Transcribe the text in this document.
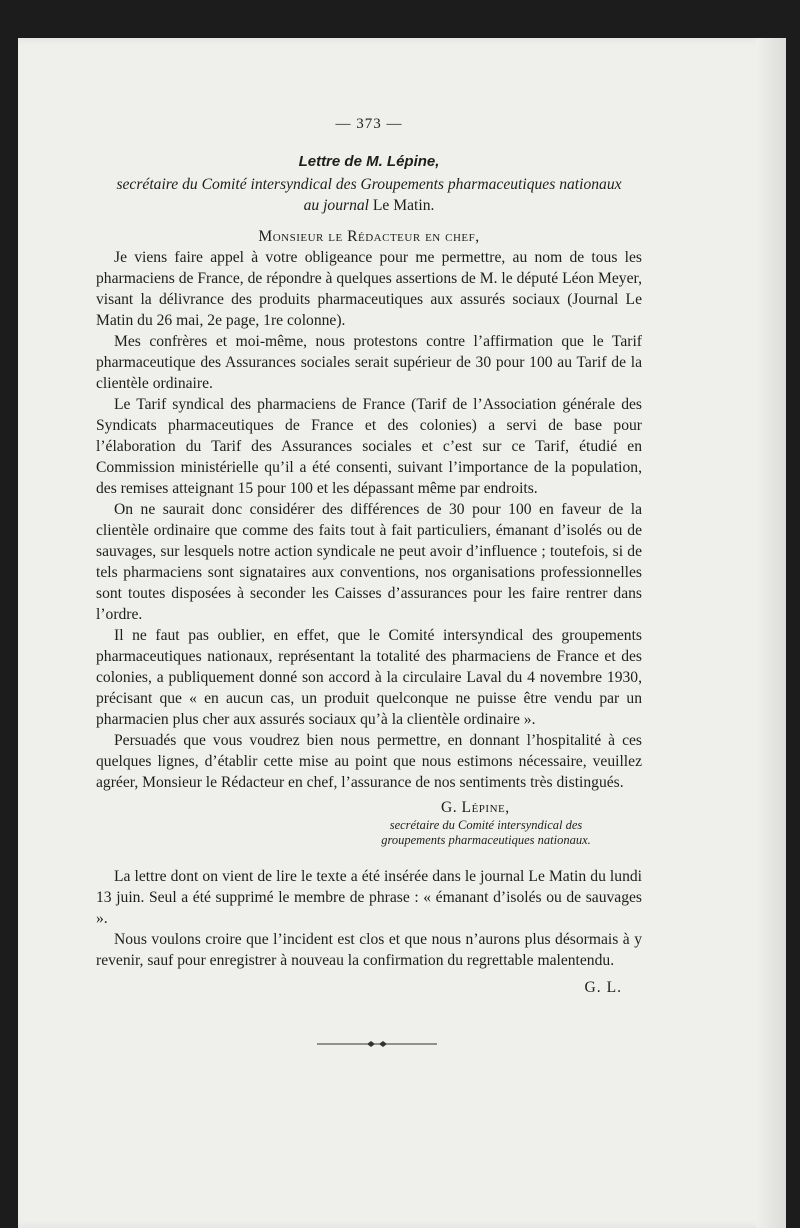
— 373 —
Lettre de M. Lépine,

secrétaire du Comité intersyndical des Groupements pharmaceutiques nationaux

au journal Le Matin.

Monsieur le Rédacteur en chef,

Je viens faire appel à votre obligeance pour me permettre, au nom de tous les pharmaciens de France, de répondre à quelques assertions de M. le député Léon Meyer, visant la délivrance des produits pharmaceutiques aux assurés sociaux (Journal Le Matin du 26 mai, 2e page, 1re colonne).

Mes confrères et moi-même, nous protestons contre l’affirmation que le Tarif pharmaceutique des Assurances sociales serait supérieur de 30 pour 100 au Tarif de la clientèle ordinaire.

Le Tarif syndical des pharmaciens de France (Tarif de l’Association générale des Syndicats pharmaceutiques de France et des colonies) a servi de base pour l’élaboration du Tarif des Assurances sociales et c’est sur ce Tarif, étudié en Commission ministérielle qu’il a été consenti, suivant l’importance de la population, des remises atteignant 15 pour 100 et les dépassant même par endroits.

On ne saurait donc considérer des différences de 30 pour 100 en faveur de la clientèle ordinaire que comme des faits tout à fait particuliers, émanant d’isolés ou de sauvages, sur lesquels notre action syndicale ne peut avoir d’influence ; toutefois, si de tels pharmaciens sont signataires aux conventions, nos organisations professionnelles sont toutes disposées à seconder les Caisses d’assurances pour les faire rentrer dans l’ordre.

Il ne faut pas oublier, en effet, que le Comité intersyndical des groupements pharmaceutiques nationaux, représentant la totalité des pharmaciens de France et des colonies, a publiquement donné son accord à la circulaire Laval du 4 novembre 1930, précisant que « en aucun cas, un produit quelconque ne puisse être vendu par un pharmacien plus cher aux assurés sociaux qu’à la clientèle ordinaire ».

Persuadés que vous voudrez bien nous permettre, en donnant l’hospitalité à ces quelques lignes, d’établir cette mise au point que nous estimons nécessaire, veuillez agréer, Monsieur le Rédacteur en chef, l’assurance de nos sentiments très distingués.

G. Lépine,

secrétaire du Comité intersyndical des groupements pharmaceutiques nationaux.

La lettre dont on vient de lire le texte a été insérée dans le journal Le Matin du lundi 13 juin. Seul a été supprimé le membre de phrase : « émanant d’isolés ou de sauvages ».

Nous voulons croire que l’incident est clos et que nous n’aurons plus désormais à y revenir, sauf pour enregistrer à nouveau la confirmation du regrettable malentendu.

G. L.
